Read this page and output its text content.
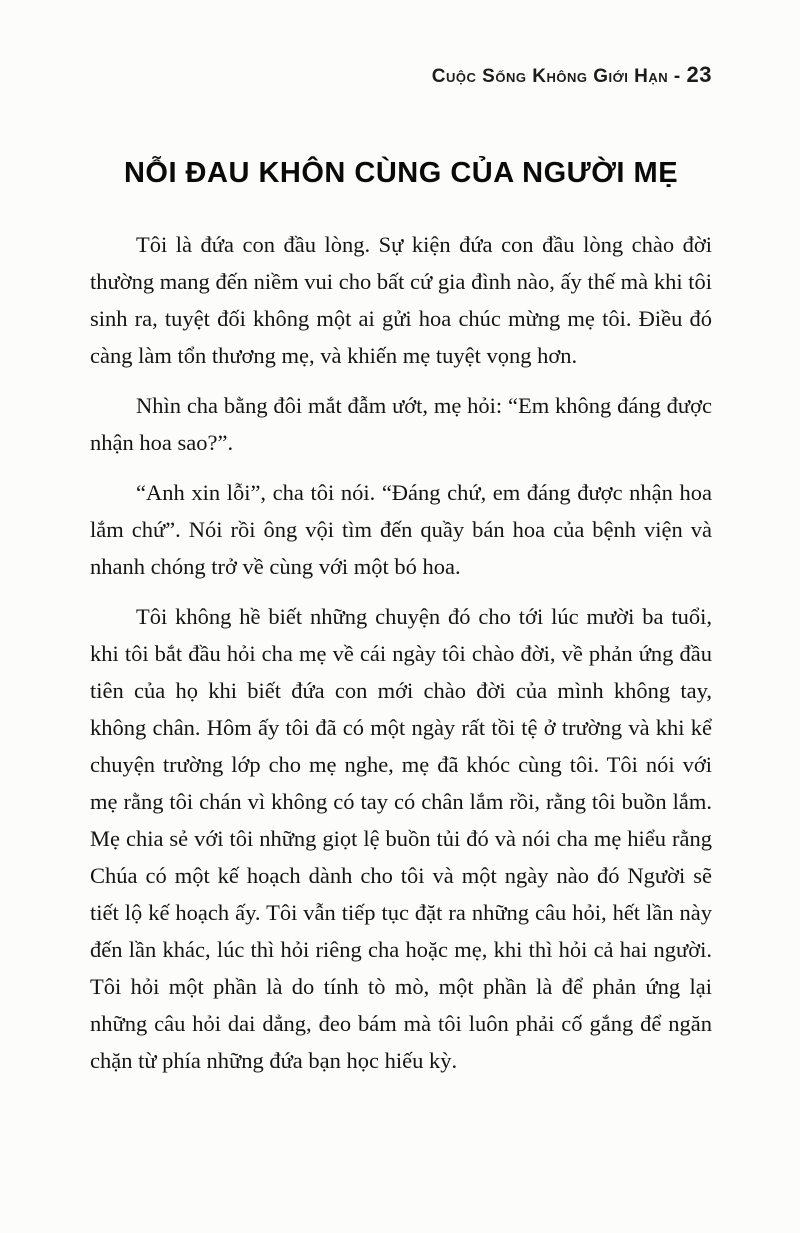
Cuộc Sống Không Giới Hạn - 23
NỖI ĐAU KHÔN CÙNG CỦA NGƯỜI MẸ

Tôi là đứa con đầu lòng. Sự kiện đứa con đầu lòng chào đời thường mang đến niềm vui cho bất cứ gia đình nào, ấy thế mà khi tôi sinh ra, tuyệt đối không một ai gửi hoa chúc mừng mẹ tôi. Điều đó càng làm tổn thương mẹ, và khiến mẹ tuyệt vọng hơn.

Nhìn cha bằng đôi mắt đẫm ướt, mẹ hỏi: “Em không đáng được nhận hoa sao?”.

“Anh xin lỗi”, cha tôi nói. “Đáng chứ, em đáng được nhận hoa lắm chứ”. Nói rồi ông vội tìm đến quầy bán hoa của bệnh viện và nhanh chóng trở về cùng với một bó hoa.

Tôi không hề biết những chuyện đó cho tới lúc mười ba tuổi, khi tôi bắt đầu hỏi cha mẹ về cái ngày tôi chào đời, về phản ứng đầu tiên của họ khi biết đứa con mới chào đời của mình không tay, không chân. Hôm ấy tôi đã có một ngày rất tồi tệ ở trường và khi kể chuyện trường lớp cho mẹ nghe, mẹ đã khóc cùng tôi. Tôi nói với mẹ rằng tôi chán vì không có tay có chân lắm rồi, rằng tôi buồn lắm. Mẹ chia sẻ với tôi những giọt lệ buồn tủi đó và nói cha mẹ hiểu rằng Chúa có một kế hoạch dành cho tôi và một ngày nào đó Người sẽ tiết lộ kế hoạch ấy. Tôi vẫn tiếp tục đặt ra những câu hỏi, hết lần này đến lần khác, lúc thì hỏi riêng cha hoặc mẹ, khi thì hỏi cả hai người. Tôi hỏi một phần là do tính tò mò, một phần là để phản ứng lại những câu hỏi dai dẳng, đeo bám mà tôi luôn phải cố gắng để ngăn chặn từ phía những đứa bạn học hiếu kỳ.
